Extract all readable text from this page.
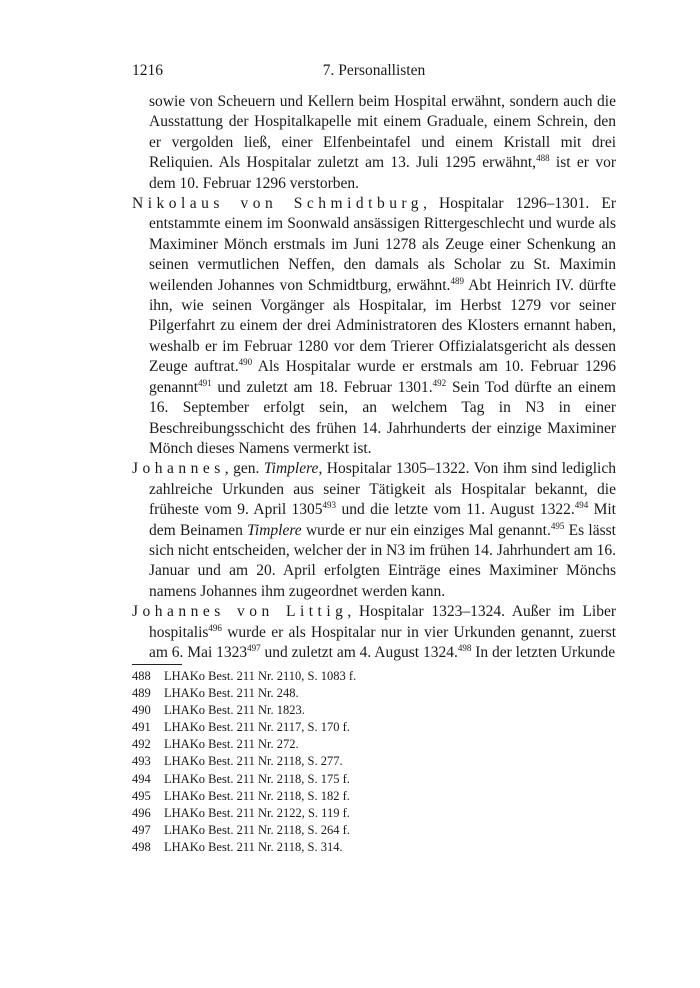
1216	7. Personallisten

sowie von Scheuern und Kellern beim Hospital erwähnt, sondern auch die Ausstattung der Hospitalkapelle mit einem Graduale, einem Schrein, den er vergolden ließ, einer Elfenbeintafel und einem Kristall mit drei Reliquien. Als Hospitalar zuletzt am 13. Juli 1295 erwähnt,$^{488}$ ist er vor dem 10. Februar 1296 verstorben.

Nikolaus von Schmidtburg, Hospitalar 1296–1301. Er entstammte einem im Soonwald ansässigen Rittergeschlecht und wurde als Maximiner Mönch erstmals im Juni 1278 als Zeuge einer Schenkung an seinen vermutlichen Neffen, den damals als Scholar zu St. Maximin weilenden Johannes von Schmidtburg, erwähnt.$^{489}$ Abt Heinrich IV. dürfte ihn, wie seinen Vorgänger als Hospitalar, im Herbst 1279 vor seiner Pilgerfahrt zu einem der drei Administratoren des Klosters ernannt haben, weshalb er im Februar 1280 vor dem Trierer Offizialatsgericht als dessen Zeuge auftrat.$^{490}$ Als Hospitalar wurde er erstmals am 10. Februar 1296 genannt$^{491}$ und zuletzt am 18. Februar 1301.$^{492}$ Sein Tod dürfte an einem 16. September erfolgt sein, an welchem Tag in N3 in einer Beschreibungsschicht des frühen 14. Jahrhunderts der einzige Maximiner Mönch dieses Namens vermerkt ist.

Johannes, gen. Timplere, Hospitalar 1305–1322. Von ihm sind lediglich zahlreiche Urkunden aus seiner Tätigkeit als Hospitalar bekannt, die früheste vom 9. April 1305$^{493}$ und die letzte vom 11. August 1322.$^{494}$ Mit dem Beinamen Timplere wurde er nur ein einziges Mal genannt.$^{495}$ Es lässt sich nicht entscheiden, welcher der in N3 im frühen 14. Jahrhundert am 16. Januar und am 20. April erfolgten Einträge eines Maximiner Mönchs namens Johannes ihm zugeordnet werden kann.

Johannes von Littig, Hospitalar 1323–1324. Außer im Liber hospitalis$^{496}$ wurde er als Hospitalar nur in vier Urkunden genannt, zuerst am 6. Mai 1323$^{497}$ und zuletzt am 4. August 1324.$^{498}$ In der letzten Urkunde

488	LHAKo Best. 211 Nr. 2110, S. 1083 f.
489	LHAKo Best. 211 Nr. 248.
490	LHAKo Best. 211 Nr. 1823.
491	LHAKo Best. 211 Nr. 2117, S. 170 f.
492	LHAKo Best. 211 Nr. 272.
493	LHAKo Best. 211 Nr. 2118, S. 277.
494	LHAKo Best. 211 Nr. 2118, S. 175 f.
495	LHAKo Best. 211 Nr. 2118, S. 182 f.
496	LHAKo Best. 211 Nr. 2122, S. 119 f.
497	LHAKo Best. 211 Nr. 2118, S. 264 f.
498	LHAKo Best. 211 Nr. 2118, S. 314.
